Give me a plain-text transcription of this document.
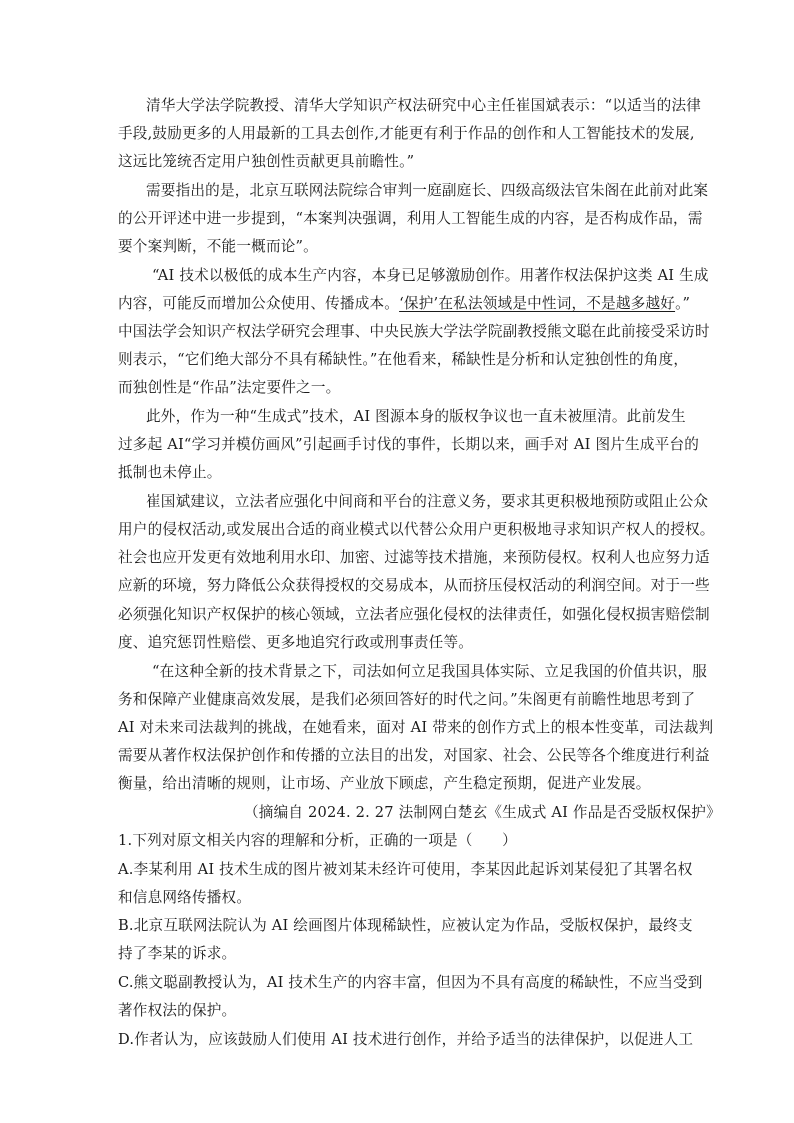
清华大学法学院教授、清华大学知识产权法研究中心主任崔国斌表示：“以适当的法律
手段,鼓励更多的人用最新的工具去创作,才能更有利于作品的创作和人工智能技术的发展,
这远比笼统否定用户独创性贡献更具前瞻性。”
需要指出的是，北京互联网法院综合审判一庭副庭长、四级高级法官朱阁在此前对此案
的公开评述中进一步提到，“本案判决强调，利用人工智能生成的内容，是否构成作品，需
要个案判断，不能一概而论”。
“AI 技术以极低的成本生产内容，本身已足够激励创作。用著作权法保护这类 AI 生成
内容，可能反而增加公众使用、传播成本。‘保护’在私法领域是中性词，不是越多越好。”
中国法学会知识产权法学研究会理事、中央民族大学法学院副教授熊文聪在此前接受采访时
则表示，“它们绝大部分不具有稀缺性。”在他看来，稀缺性是分析和认定独创性的角度，
而独创性是“作品”法定要件之一。
此外，作为一种“生成式”技术，AI 图源本身的版权争议也一直未被厘清。此前发生
过多起 AI“学习并模仿画风”引起画手讨伐的事件，长期以来，画手对 AI 图片生成平台的
抵制也未停止。
崔国斌建议，立法者应强化中间商和平台的注意义务，要求其更积极地预防或阻止公众
用户的侵权活动,或发展出合适的商业模式以代替公众用户更积极地寻求知识产权人的授权。
社会也应开发更有效地利用水印、加密、过滤等技术措施，来预防侵权。权利人也应努力适
应新的环境，努力降低公众获得授权的交易成本，从而挤压侵权活动的利润空间。对于一些
必须强化知识产权保护的核心领域，立法者应强化侵权的法律责任，如强化侵权损害赔偿制
度、追究惩罚性赔偿、更多地追究行政或刑事责任等。
“在这种全新的技术背景之下，司法如何立足我国具体实际、立足我国的价值共识，服
务和保障产业健康高效发展，是我们必须回答好的时代之问。”朱阁更有前瞻性地思考到了
AI 对未来司法裁判的挑战，在她看来，面对 AI 带来的创作方式上的根本性变革，司法裁判
需要从著作权法保护创作和传播的立法目的出发，对国家、社会、公民等各个维度进行利益
衡量，给出清晰的规则，让市场、产业放下顾虑，产生稳定预期，促进产业发展。
（摘编自 2024. 2. 27 法制网白楚玄《生成式 AI 作品是否受版权保护》
1.下列对原文相关内容的理解和分析，正确的一项是（　　）
A.李某利用 AI 技术生成的图片被刘某未经许可使用，李某因此起诉刘某侵犯了其署名权
和信息网络传播权。
B.北京互联网法院认为 AI 绘画图片体现稀缺性，应被认定为作品，受版权保护，最终支
持了李某的诉求。
C.熊文聪副教授认为，AI 技术生产的内容丰富，但因为不具有高度的稀缺性，不应当受到
著作权法的保护。
D.作者认为，应该鼓励人们使用 AI 技术进行创作，并给予适当的法律保护，以促进人工
